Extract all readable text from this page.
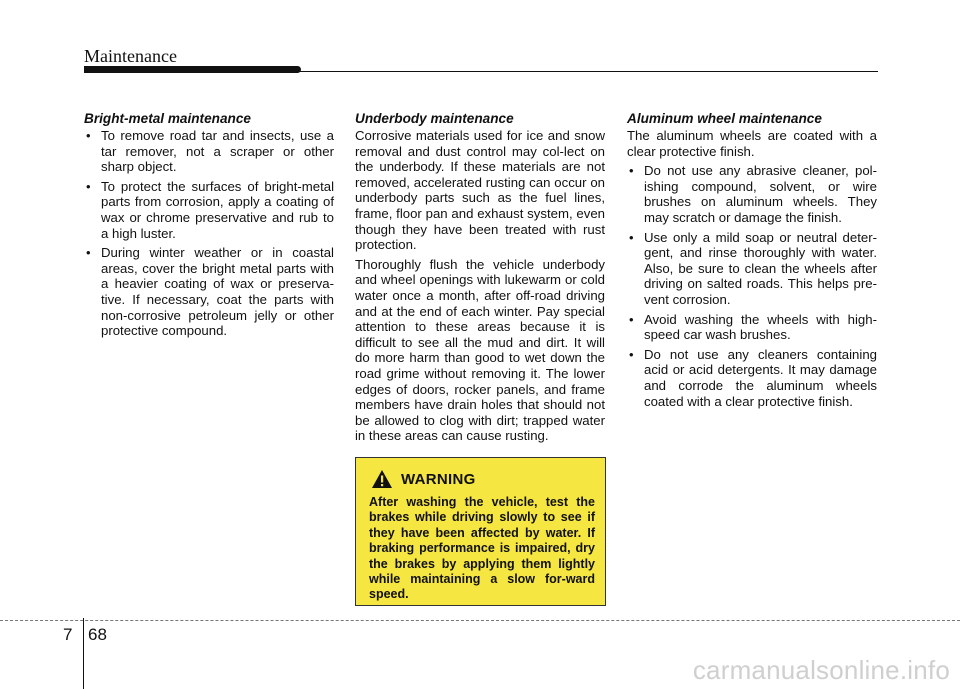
Maintenance
Bright-metal maintenance
• To remove road tar and insects, use a tar remover, not a scraper or other sharp object.
• To protect the surfaces of bright-metal parts from corrosion, apply a coating of wax or chrome preservative and rub to a high luster.
• During winter weather or in coastal areas, cover the bright metal parts with a heavier coating of wax or preserva-tive. If necessary, coat the parts with non-corrosive petroleum jelly or other protective compound.
Underbody maintenance

Corrosive materials used for ice and snow removal and dust control may col-lect on the underbody. If these materials are not removed, accelerated rusting can occur on underbody parts such as the fuel lines, frame, floor pan and exhaust system, even though they have been treated with rust protection.

Thoroughly flush the vehicle underbody and wheel openings with lukewarm or cold water once a month, after off-road driving and at the end of each winter. Pay special attention to these areas because it is difficult to see all the mud and dirt. It will do more harm than good to wet down the road grime without removing it. The lower edges of doors, rocker panels, and frame members have drain holes that should not be allowed to clog with dirt; trapped water in these areas can cause rusting.

WARNING
After washing the vehicle, test the brakes while driving slowly to see if they have been affected by water. If braking performance is impaired, dry the brakes by applying them lightly while maintaining a slow for-ward speed.
Aluminum wheel maintenance

The aluminum wheels are coated with a clear protective finish.

• Do not use any abrasive cleaner, pol-ishing compound, solvent, or wire brushes on aluminum wheels. They may scratch or damage the finish.
• Use only a mild soap or neutral deter-gent, and rinse thoroughly with water. Also, be sure to clean the wheels after driving on salted roads. This helps pre-vent corrosion.
• Avoid washing the wheels with high-speed car wash brushes.
• Do not use any cleaners containing acid or acid detergents. It may damage and corrode the aluminum wheels coated with a clear protective finish.
7 68
carmanualsonline.info
